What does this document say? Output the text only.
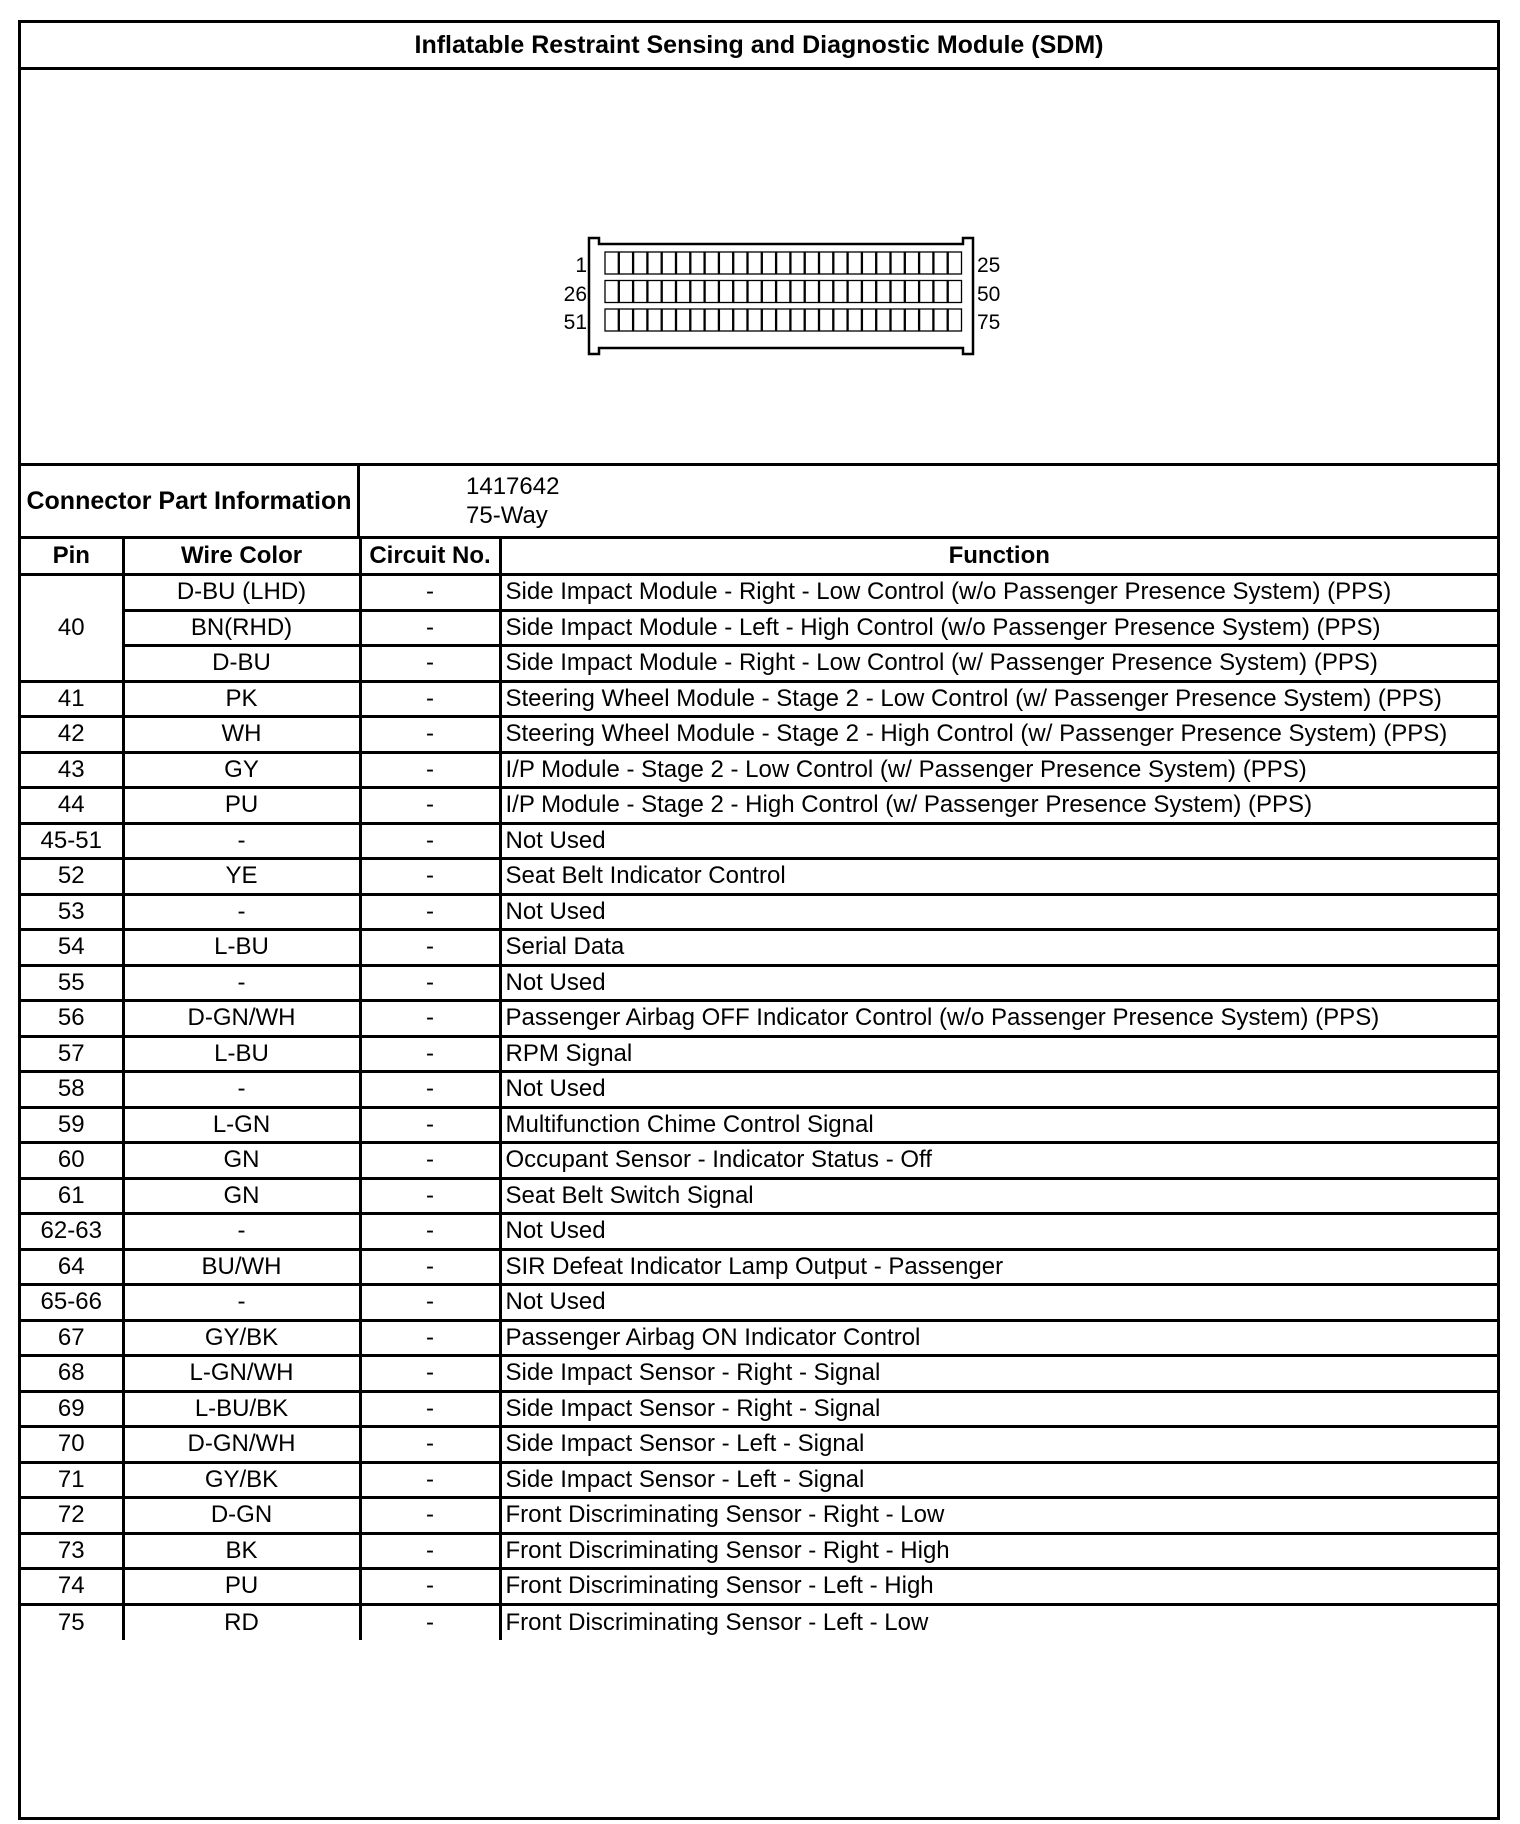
Inflatable Restraint Sensing and Diagnostic Module (SDM)
1
26
51
25
50
75
Connector Part Information	1417642
75-Way
Pin	Wire Color	Circuit No.	Function
40	D-BU (LHD)	-	Side Impact Module - Right - Low Control (w/o Passenger Presence System) (PPS)
	BN(RHD)	-	Side Impact Module - Left - High Control (w/o Passenger Presence System) (PPS)
	D-BU	-	Side Impact Module - Right - Low Control (w/ Passenger Presence System) (PPS)
41	PK	-	Steering Wheel Module - Stage 2 - Low Control (w/ Passenger Presence System) (PPS)
42	WH	-	Steering Wheel Module - Stage 2 - High Control (w/ Passenger Presence System) (PPS)
43	GY	-	I/P Module - Stage 2 - Low Control (w/ Passenger Presence System) (PPS)
44	PU	-	I/P Module - Stage 2 - High Control (w/ Passenger Presence System) (PPS)
45-51	-	-	Not Used
52	YE	-	Seat Belt Indicator Control
53	-	-	Not Used
54	L-BU	-	Serial Data
55	-	-	Not Used
56	D-GN/WH	-	Passenger Airbag OFF Indicator Control (w/o Passenger Presence System) (PPS)
57	L-BU	-	RPM Signal
58	-	-	Not Used
59	L-GN	-	Multifunction Chime Control Signal
60	GN	-	Occupant Sensor - Indicator Status - Off
61	GN	-	Seat Belt Switch Signal
62-63	-	-	Not Used
64	BU/WH	-	SIR Defeat Indicator Lamp Output - Passenger
65-66	-	-	Not Used
67	GY/BK	-	Passenger Airbag ON Indicator Control
68	L-GN/WH	-	Side Impact Sensor - Right - Signal
69	L-BU/BK	-	Side Impact Sensor - Right - Signal
70	D-GN/WH	-	Side Impact Sensor - Left - Signal
71	GY/BK	-	Side Impact Sensor - Left - Signal
72	D-GN	-	Front Discriminating Sensor - Right - Low
73	BK	-	Front Discriminating Sensor - Right - High
74	PU	-	Front Discriminating Sensor - Left - High
75	RD	-	Front Discriminating Sensor - Left - Low
